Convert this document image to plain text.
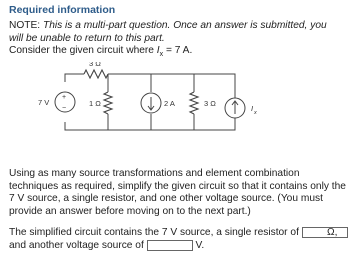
Required information

NOTE: This is a multi-part question. Once an answer is submitted, you will be unable to return to this part.
Consider the given circuit where $I_x = 7$ A.

+
−
7 V
3 Ω
1 Ω	2 A	3 Ω
I x

Using as many source transformations and element combination techniques as required, simplify the given circuit so that it contains only the 7 V source, a single resistor, and one other voltage source. (You must provide an answer before moving on to the next part.)

The simplified circuit contains the 7 V source, a single resistor of	Ω,
and another voltage source of	V.
